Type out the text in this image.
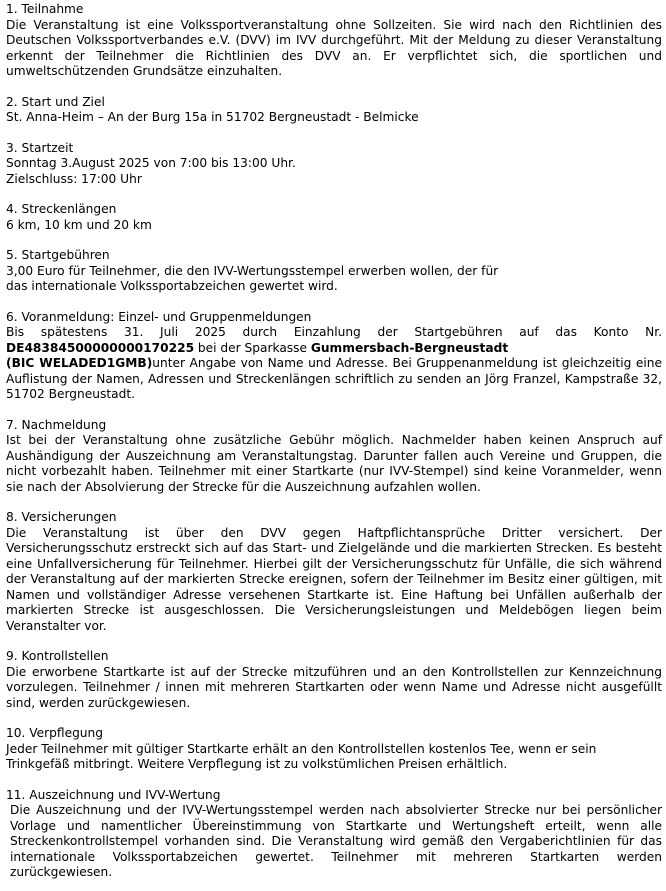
1. Teilnahme
Die Veranstaltung ist eine Volkssportveranstaltung ohne Sollzeiten. Sie wird nach den Richtlinien des Deutschen Volkssportverbandes e.V. (DVV) im IVV durchgeführt. Mit der Meldung zu dieser Veranstaltung erkennt der Teilnehmer die Richtlinien des DVV an. Er verpflichtet sich, die sportlichen und umweltschützenden Grundsätze einzuhalten.
2. Start und Ziel
St. Anna-Heim – An der Burg 15a in 51702 Bergneustadt - Belmicke
3. Startzeit
Sonntag 3.August 2025 von 7:00 bis 13:00 Uhr.
Zielschluss: 17:00 Uhr
4. Streckenlängen
6 km, 10 km und 20 km
5. Startgebühren
3,00 Euro für Teilnehmer, die den IVV-Wertungsstempel erwerben wollen, der für
das internationale Volkssportabzeichen gewertet wird.
6. Voranmeldung: Einzel- und Gruppenmeldungen
Bis spätestens 31. Juli 2025 durch Einzahlung der Startgebühren auf das Konto Nr. DE48384500000000170225 bei der Sparkasse Gummersbach-Bergneustadt
(BIC WELADED1GMB)unter Angabe von Name und Adresse. Bei Gruppenanmeldung ist gleichzeitig eine Auflistung der Namen, Adressen und Streckenlängen schriftlich zu senden an Jörg Franzel, Kampstraße 32, 51702 Bergneustadt.
7. Nachmeldung
Ist bei der Veranstaltung ohne zusätzliche Gebühr möglich. Nachmelder haben keinen Anspruch auf Aushändigung der Auszeichnung am Veranstaltungstag. Darunter fallen auch Vereine und Gruppen, die nicht vorbezahlt haben. Teilnehmer mit einer Startkarte (nur IVV-Stempel) sind keine Voranmelder, wenn sie nach der Absolvierung der Strecke für die Auszeichnung aufzahlen wollen.
8. Versicherungen
Die Veranstaltung ist über den DVV gegen Haftpflichtansprüche Dritter versichert. Der Versicherungsschutz erstreckt sich auf das Start- und Zielgelände und die markierten Strecken. Es besteht eine Unfallversicherung für Teilnehmer. Hierbei gilt der Versicherungsschutz für Unfälle, die sich während der Veranstaltung auf der markierten Strecke ereignen, sofern der Teilnehmer im Besitz einer gültigen, mit Namen und vollständiger Adresse versehenen Startkarte ist. Eine Haftung bei Unfällen außerhalb der markierten Strecke ist ausgeschlossen. Die Versicherungsleistungen und Meldebögen liegen beim Veranstalter vor.
9. Kontrollstellen
Die erworbene Startkarte ist auf der Strecke mitzuführen und an den Kontrollstellen zur Kennzeichnung vorzulegen. Teilnehmer / innen mit mehreren Startkarten oder wenn Name und Adresse nicht ausgefüllt sind, werden zurückgewiesen.
10. Verpflegung
Jeder Teilnehmer mit gültiger Startkarte erhält an den Kontrollstellen kostenlos Tee, wenn er sein Trinkgefäß mitbringt. Weitere Verpflegung ist zu volkstümlichen Preisen erhältlich.
11. Auszeichnung und IVV-Wertung
Die Auszeichnung und der IVV-Wertungsstempel werden nach absolvierter Strecke nur bei persönlicher Vorlage und namentlicher Übereinstimmung von Startkarte und Wertungsheft erteilt, wenn alle Streckenkontrollstempel vorhanden sind. Die Veranstaltung wird gemäß den Vergaberichtlinien für das internationale Volkssportabzeichen gewertet. Teilnehmer mit mehreren Startkarten werden zurückgewiesen.
